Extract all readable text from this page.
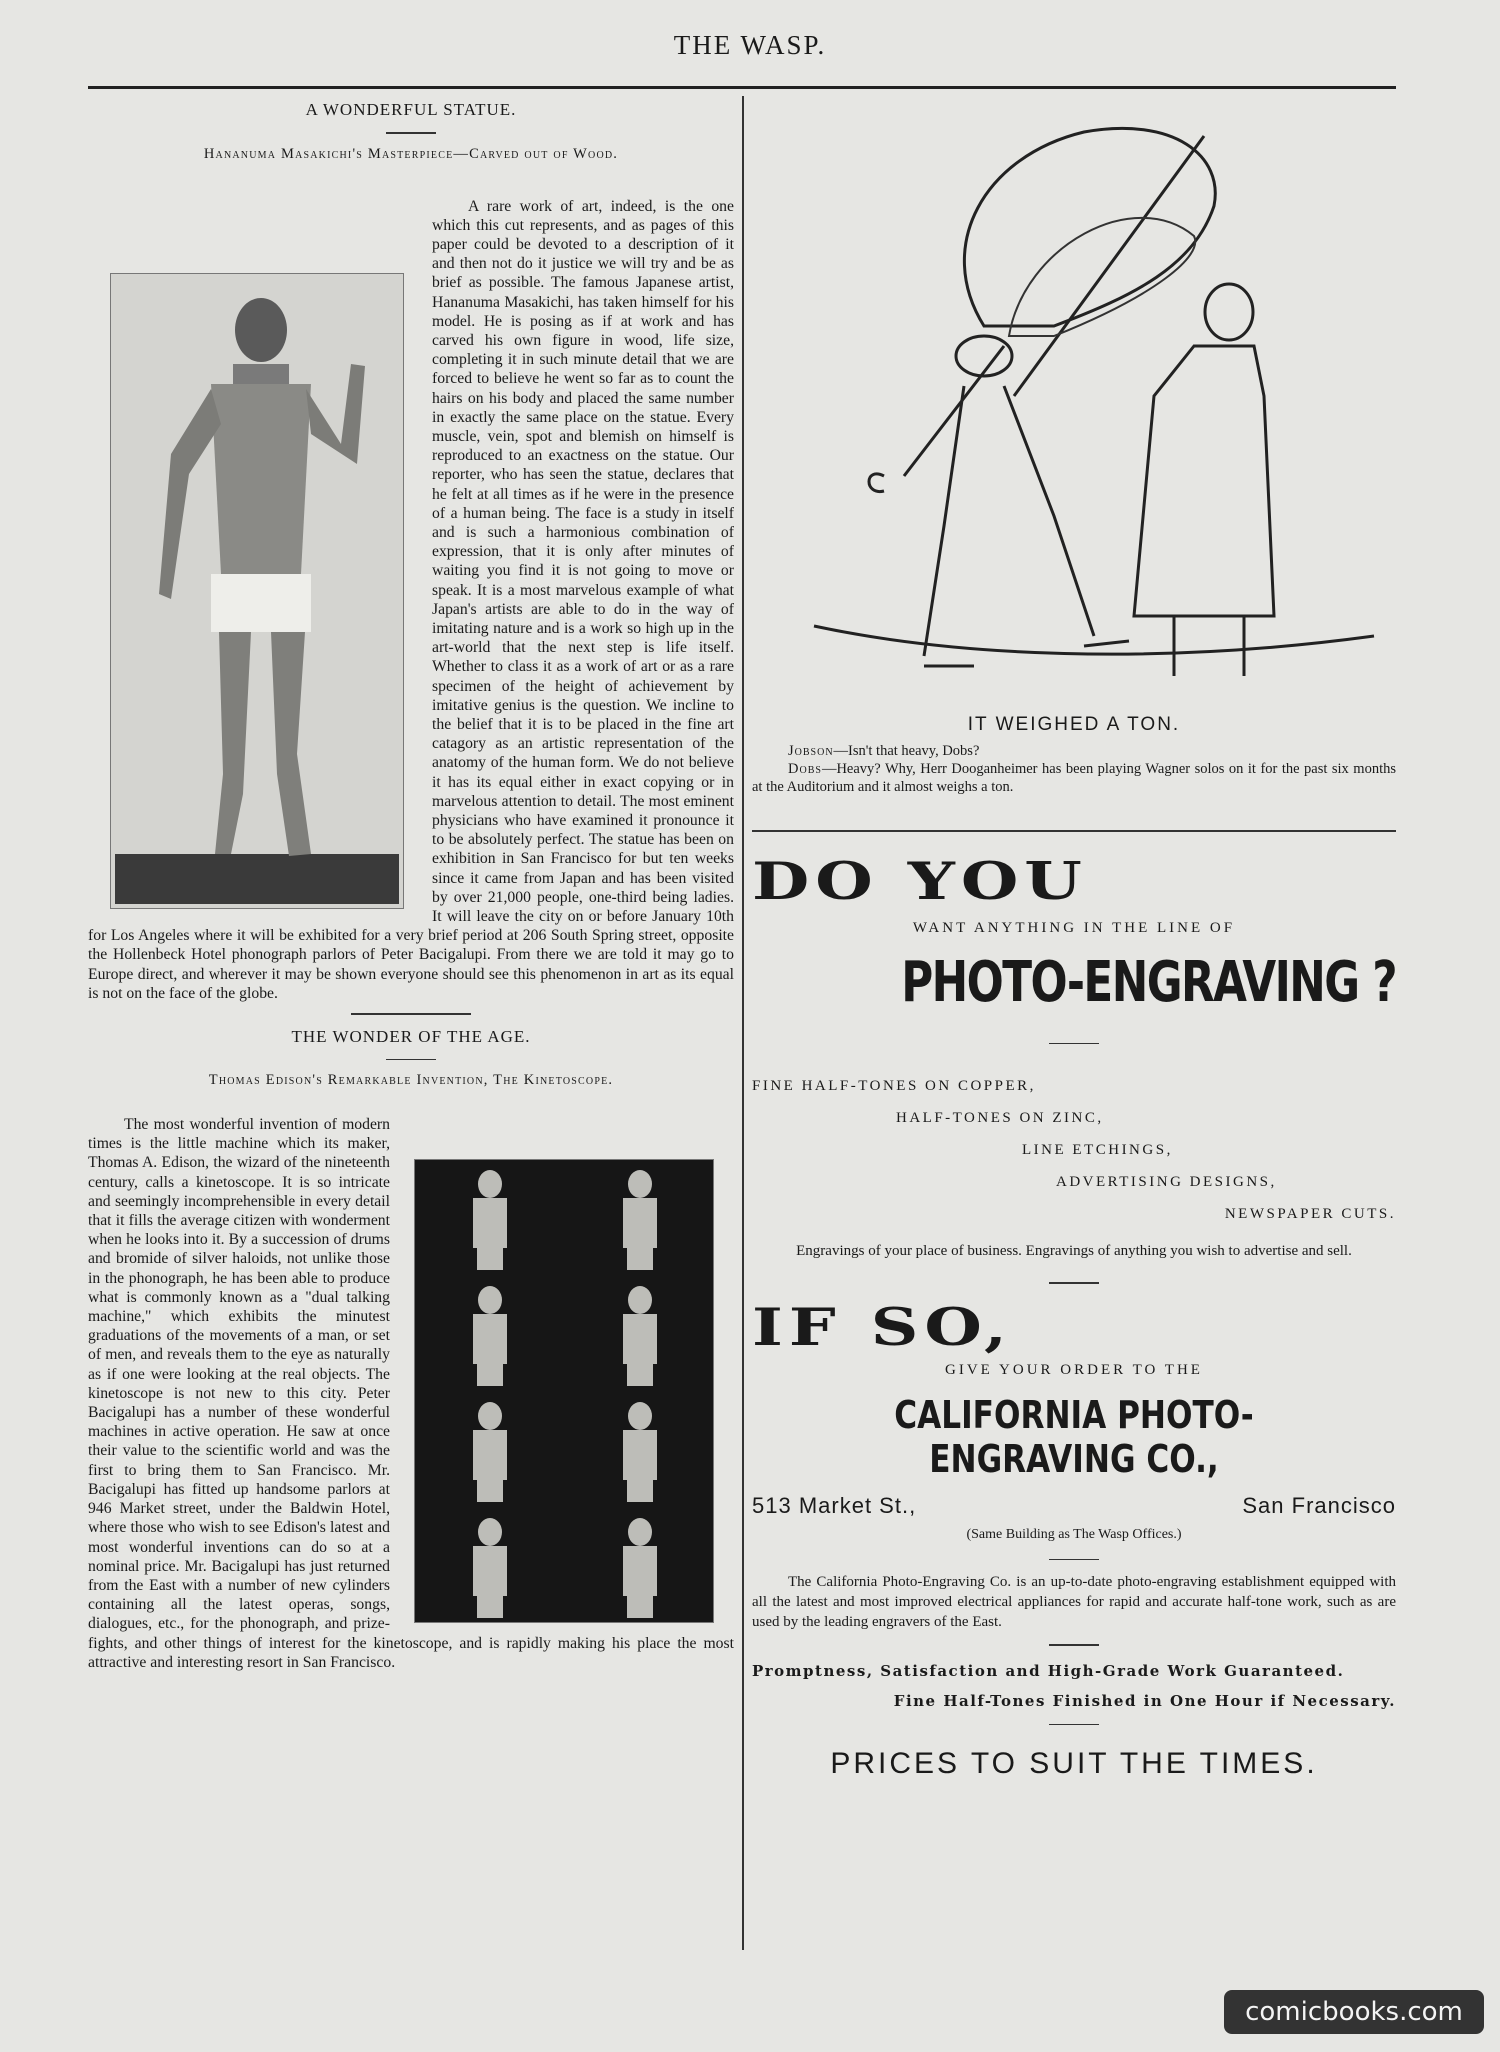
THE WASP.
A WONDERFUL STATUE.
Hananuma Masakichi's Masterpiece—Carved out of Wood.

A rare work of art, indeed, is the one which this cut represents, and as pages of this paper could be devoted to a description of it and then not do it justice we will try and be as brief as possible. The famous Japanese artist, Hananuma Masakichi, has taken himself for his model. He is posing as if at work and has carved his own figure in wood, life size, completing it in such minute detail that we are forced to believe he went so far as to count the hairs on his body and placed the same number in exactly the same place on the statue. Every muscle, vein, spot and blemish on himself is reproduced to an exactness on the statue. Our reporter, who has seen the statue, declares that he felt at all times as if he were in the presence of a human being. The face is a study in itself and is such a harmonious combination of expression, that it is only after minutes of waiting you find it is not going to move or speak. It is a most marvelous example of what Japan's artists are able to do in the way of imitating nature and is a work so high up in the art-world that the next step is life itself. Whether to class it as a work of art or as a rare specimen of the height of achievement by imitative genius is the question. We incline to the belief that it is to be placed in the fine art catagory as an artistic representation of the anatomy of the human form. We do not believe it has its equal either in exact copying or in marvelous attention to detail. The most eminent physicians who have examined it pronounce it to be absolutely perfect. The statue has been on exhibition in San Francisco for but ten weeks since it came from Japan and has been visited by over 21,000 people, one-third being ladies. It will leave the city on or before January 10th for Los Angeles where it will be exhibited for a very brief period at 206 South Spring street, opposite the Hollenbeck Hotel phonograph parlors of Peter Bacigalupi. From there we are told it may go to Europe direct, and wherever it may be shown everyone should see this phenomenon in art as its equal is not on the face of the globe.

THE WONDER OF THE AGE.
Thomas Edison's Remarkable Invention, The Kinetoscope.

The most wonderful invention of modern times is the little machine which its maker, Thomas A. Edison, the wizard of the nineteenth century, calls a kinetoscope. It is so intricate and seemingly incomprehensible in every detail that it fills the average citizen with wonderment when he looks into it. By a succession of drums and bromide of silver haloids, not unlike those in the phonograph, he has been able to produce what is commonly known as a "dual talking machine," which exhibits the minutest graduations of the movements of a man, or set of men, and reveals them to the eye as naturally as if one were looking at the real objects. The kinetoscope is not new to this city. Peter Bacigalupi has a number of these wonderful machines in active operation. He saw at once their value to the scientific world and was the first to bring them to San Francisco. Mr. Bacigalupi has fitted up handsome parlors at 946 Market street, under the Baldwin Hotel, where those who wish to see Edison's latest and most wonderful inventions can do so at a nominal price. Mr. Bacigalupi has just returned from the East with a number of new cylinders containing all the latest operas, songs, dialogues, etc., for the phonograph, and prize-fights, and other things of interest for the kinetoscope, and is rapidly making his place the most attractive and interesting resort in San Francisco.

IT WEIGHED A TON.

Jobson—Isn't that heavy, Dobs?

Dobs—Heavy? Why, Herr Dooganheimer has been playing Wagner solos on it for the past six months at the Auditorium and it almost weighs a ton.

DO YOU
WANT ANYTHING IN THE LINE OF
PHOTO-ENGRAVING ?
FINE HALF-TONES ON COPPER,
HALF-TONES ON ZINC,
LINE ETCHINGS,
ADVERTISING DESIGNS,
NEWSPAPER CUTS.
Engravings of your place of business. Engravings of anything you wish to advertise and sell.
IF SO,
GIVE YOUR ORDER TO THE
CALIFORNIA PHOTO-ENGRAVING CO.,
513 Market St.,	San Francisco
(Same Building as The Wasp Offices.)

The California Photo-Engraving Co. is an up-to-date photo-engraving establishment equipped with all the latest and most improved electrical appliances for rapid and accurate half-tone work, such as are used by the leading engravers of the East.

Promptness, Satisfaction and High-Grade Work Guaranteed.
Fine Half-Tones Finished in One Hour if Necessary.
PRICES TO SUIT THE TIMES.
comicbooks.com
